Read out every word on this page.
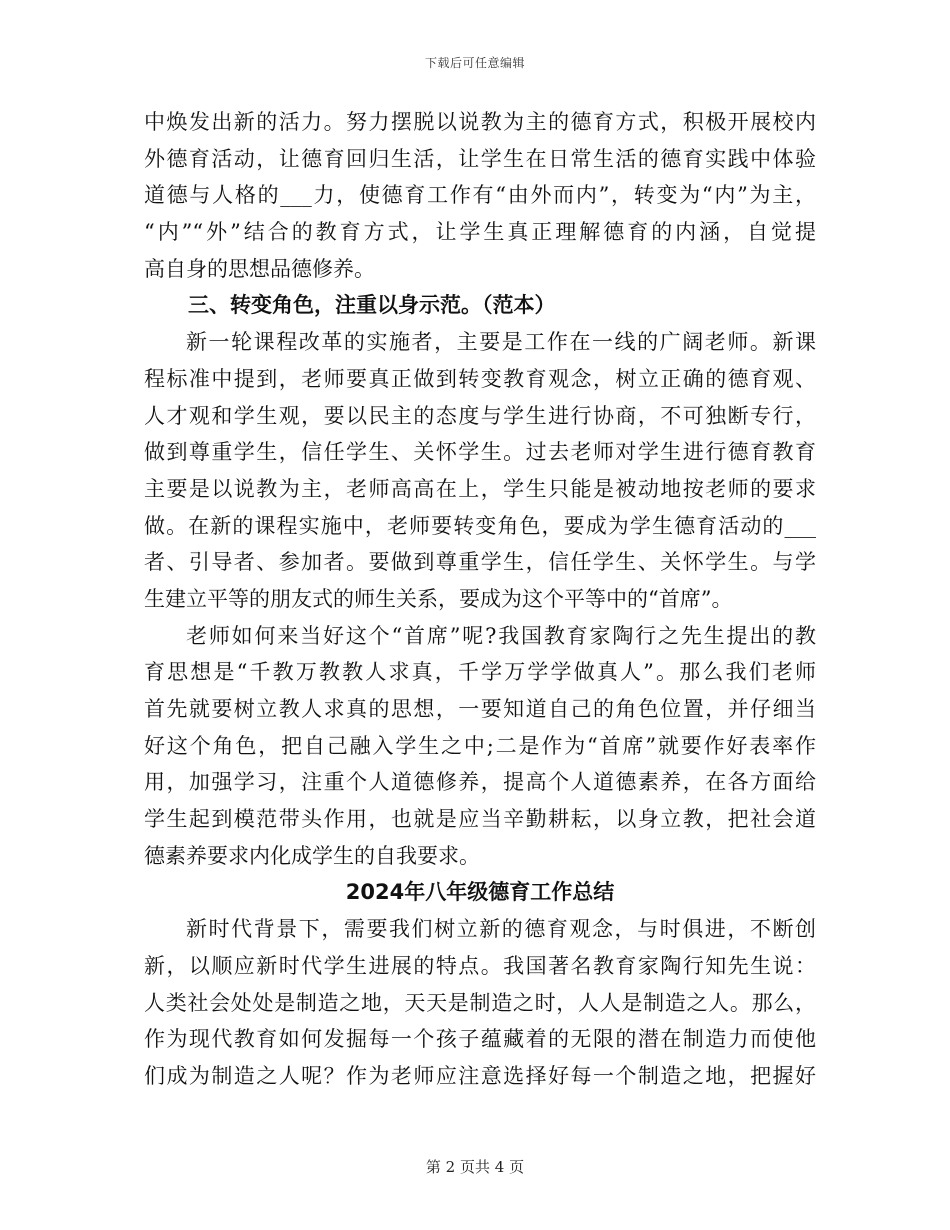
下载后可任意编辑
中焕发出新的活力。努力摆脱以说教为主的德育方式，积极开展校内
外德育活动，让德育回归生活，让学生在日常生活的德育实践中体验
道德与人格的___力，使德育工作有“由外而内”，转变为“内”为主，
“内”“外”结合的教育方式，让学生真正理解德育的内涵，自觉提
高自身的思想品德修养。
三、转变角色，注重以身示范。（范本）
新一轮课程改革的实施者，主要是工作在一线的广阔老师。新课
程标准中提到，老师要真正做到转变教育观念，树立正确的德育观、
人才观和学生观，要以民主的态度与学生进行协商，不可独断专行，
做到尊重学生，信任学生、关怀学生。过去老师对学生进行德育教育
主要是以说教为主，老师高高在上，学生只能是被动地按老师的要求
做。在新的课程实施中，老师要转变角色，要成为学生德育活动的___
者、引导者、参加者。要做到尊重学生，信任学生、关怀学生。与学
生建立平等的朋友式的师生关系，要成为这个平等中的“首席”。
老师如何来当好这个“首席”呢?我国教育家陶行之先生提出的教
育思想是“千教万教教人求真，千学万学学做真人”。那么我们老师
首先就要树立教人求真的思想，一要知道自己的角色位置，并仔细当
好这个角色，把自己融入学生之中;二是作为“首席”就要作好表率作
用，加强学习，注重个人道德修养，提高个人道德素养，在各方面给
学生起到模范带头作用，也就是应当辛勤耕耘，以身立教，把社会道
德素养要求内化成学生的自我要求。
2024年八年级德育工作总结
新时代背景下，需要我们树立新的德育观念，与时俱进，不断创
新，以顺应新时代学生进展的特点。我国著名教育家陶行知先生说：
人类社会处处是制造之地，天天是制造之时，人人是制造之人。那么，
作为现代教育如何发掘每一个孩子蕴藏着的无限的潜在制造力而使他
们成为制造之人呢？作为老师应注意选择好每一个制造之地，把握好
第 2 页共 4 页
